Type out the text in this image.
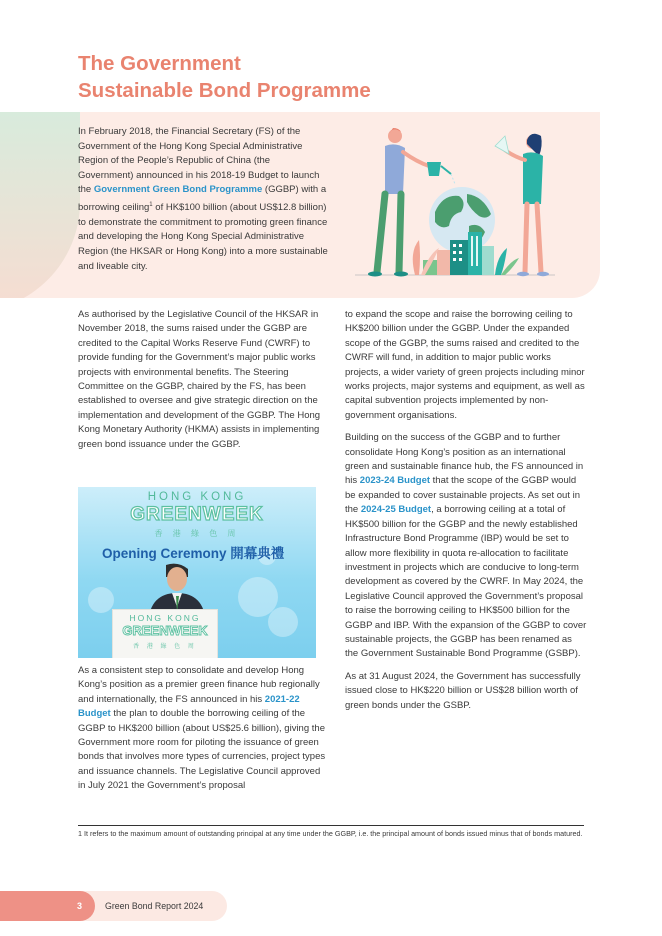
The Government
Sustainable Bond Programme
In February 2018, the Financial Secretary (FS) of the Government of the Hong Kong Special Administrative Region of the People’s Republic of China (the Government) announced in his 2018-19 Budget to launch the Government Green Bond Programme (GGBP) with a borrowing ceiling$^1$ of HK$100 billion (about US$12.8 billion) to demonstrate the commitment to promoting green finance and developing the Hong Kong Special Administrative Region (the HKSAR or Hong Kong) into a more sustainable and liveable city.

As authorised by the Legislative Council of the HKSAR in November 2018, the sums raised under the GGBP are credited to the Capital Works Reserve Fund (CWRF) to provide funding for the Government’s major public works projects with environmental benefits. The Steering Committee on the GGBP, chaired by the FS, has been established to oversee and give strategic direction on the implementation and development of the GGBP. The Hong Kong Monetary Authority (HKMA) assists in implementing green bond issuance under the GGBP.

HONG KONG
GREENWEEK
香 港 綠 色 周
Opening Ceremony 開幕典禮
HONG KONG
GREENWEEK
香 港 綠 色 周

As a consistent step to consolidate and develop Hong Kong’s position as a premier green finance hub regionally and internationally, the FS announced in his 2021-22 Budget the plan to double the borrowing ceiling of the GGBP to HK$200 billion (about US$25.6 billion), giving the Government more room for piloting the issuance of green bonds that involves more types of currencies, project types and issuance channels. The Legislative Council approved in July 2021 the Government’s proposal

to expand the scope and raise the borrowing ceiling to HK$200 billion under the GGBP. Under the expanded scope of the GGBP, the sums raised and credited to the CWRF will fund, in addition to major public works projects, a wider variety of green projects including minor works projects, major systems and equipment, as well as capital subvention projects implemented by non-government organisations.

Building on the success of the GGBP and to further consolidate Hong Kong’s position as an international green and sustainable finance hub, the FS announced in his 2023-24 Budget that the scope of the GGBP would be expanded to cover sustainable projects. As set out in the 2024-25 Budget, a borrowing ceiling at a total of HK$500 billion for the GGBP and the newly established Infrastructure Bond Programme (IBP) would be set to allow more flexibility in quota re-allocation to facilitate investment in projects which are conducive to long-term development as covered by the CWRF. In May 2024, the Legislative Council approved the Government’s proposal to raise the borrowing ceiling to HK$500 billion for the GGBP and IBP. With the expansion of the GGBP to cover sustainable projects, the GGBP has been renamed as the Government Sustainable Bond Programme (GSBP).

As at 31 August 2024, the Government has successfully issued close to HK$220 billion or US$28 billion worth of green bonds under the GSBP.

1 It refers to the maximum amount of outstanding principal at any time under the GGBP, i.e. the principal amount of bonds issued minus that of bonds matured.
3	Green Bond Report 2024
